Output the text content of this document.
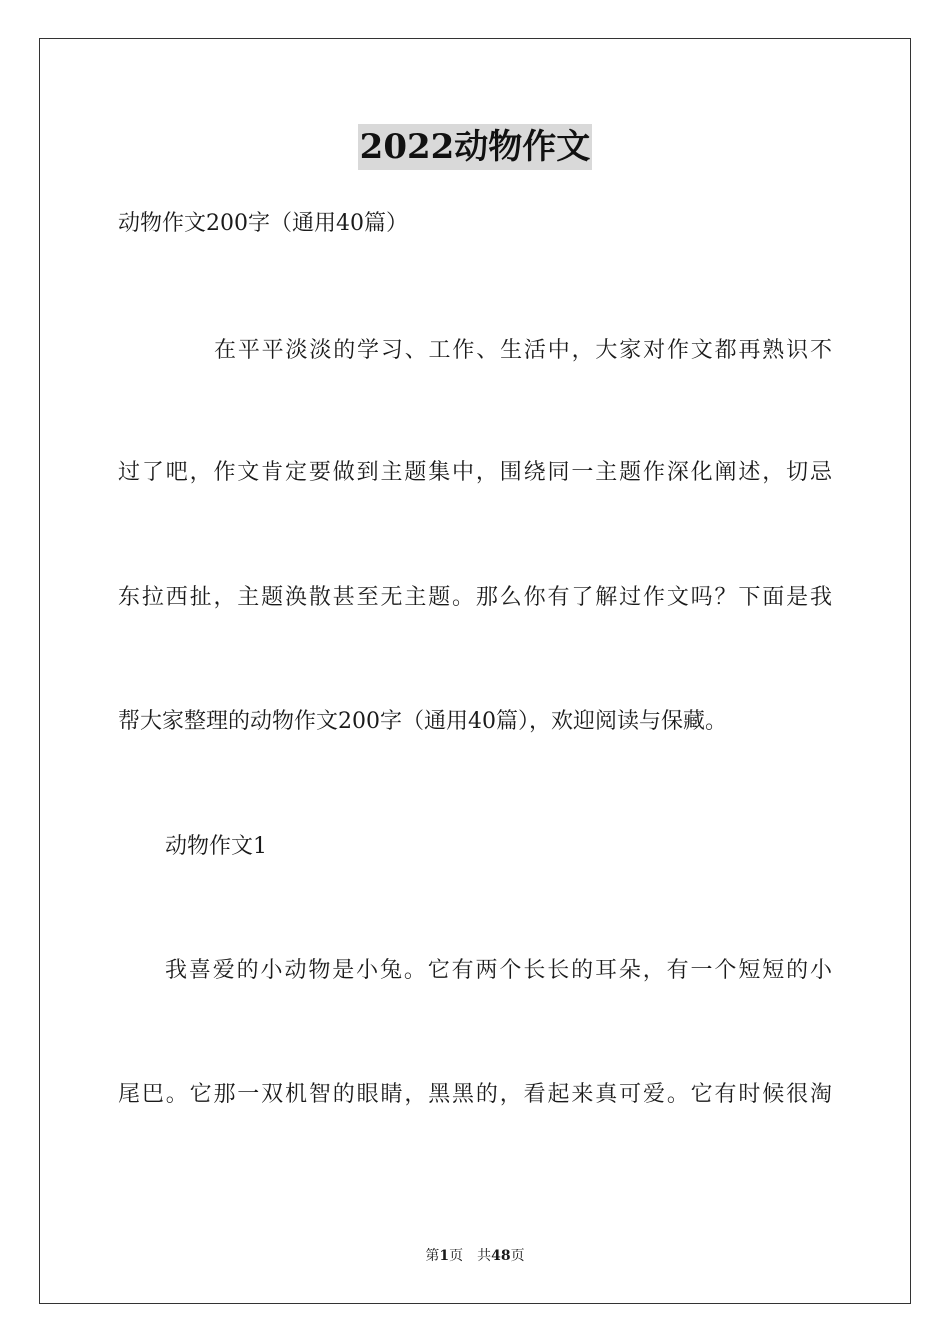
2022动物作文
动物作文200字（通用40篇）
在平平淡淡的学习、工作、生活中，大家对作文都再熟识不
过了吧，作文肯定要做到主题集中，围绕同一主题作深化阐述，切忌
东拉西扯，主题涣散甚至无主题。那么你有了解过作文吗？下面是我
帮大家整理的动物作文200字（通用40篇），欢迎阅读与保藏。
动物作文1
我喜爱的小动物是小兔。它有两个长长的耳朵，有一个短短的小
尾巴。它那一双机智的眼睛，黑黑的，看起来真可爱。它有时候很淘
第1页　共48页
